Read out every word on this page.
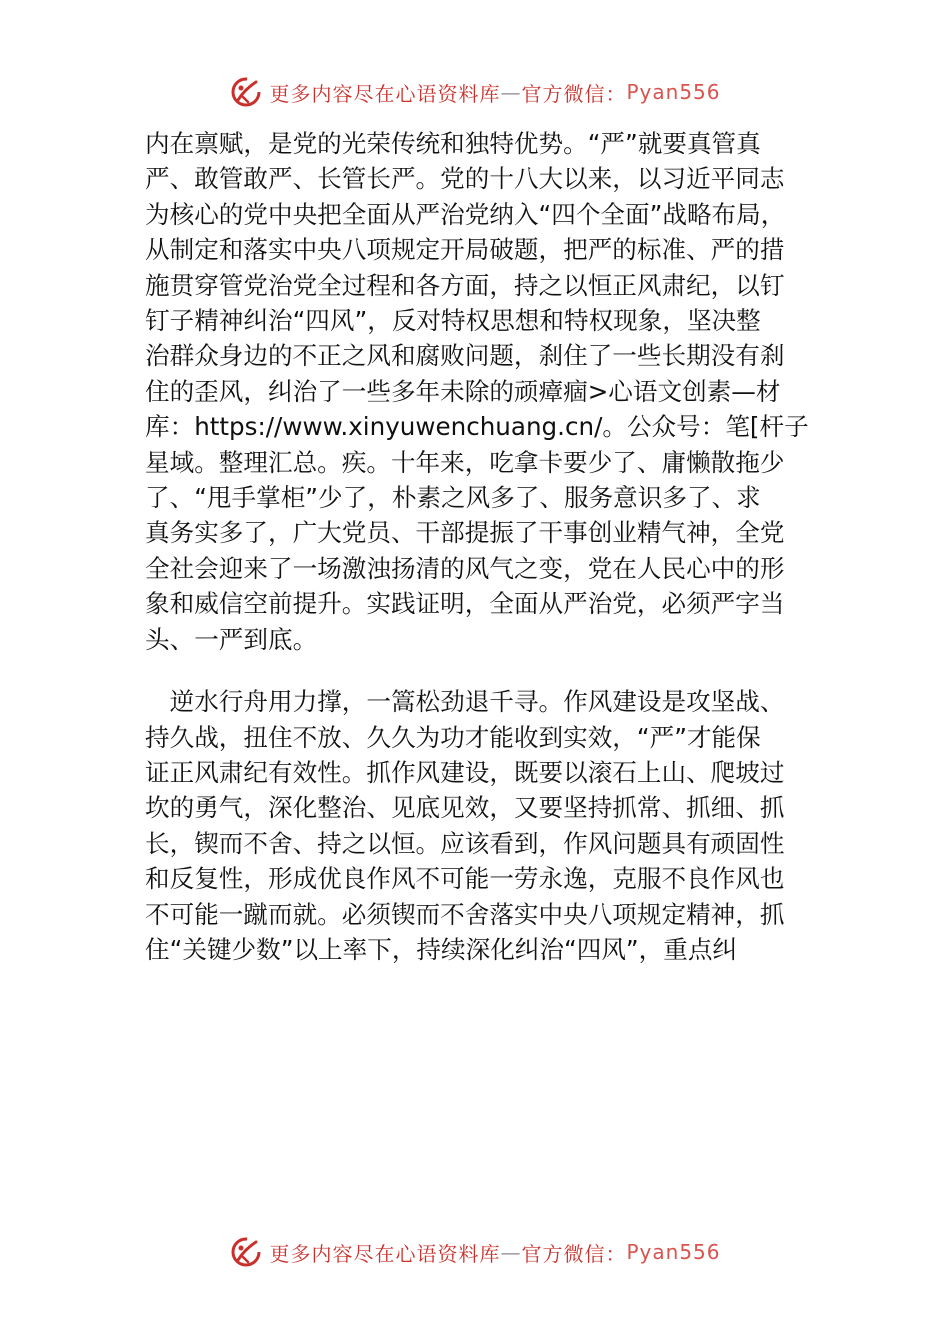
更多内容尽在心语资料库 — 官方微信： Pyan556

内在禀赋，是党的光荣传统和独特优势。“严”就要真管真
严、敢管敢严、长管长严。党的十八大以来，以习近平同志
为核心的党中央把全面从严治党纳入“四个全面”战略布局，
从制定和落实中央八项规定开局破题，把严的标准、严的措
施贯穿管党治党全过程和各方面，持之以恒正风肃纪，以钉
钉子精神纠治“四风”，反对特权思想和特权现象，坚决整
治群众身边的不正之风和腐败问题，刹住了一些长期没有刹
住的歪风，纠治了一些多年未除的顽瘴痼>心语文创素—材
库：https://www.xinyuwenchuang.cn/。公众号：笔[杆子
星域。整理汇总。疾。十年来，吃拿卡要少了、庸懒散拖少
了、“甩手掌柜”少了，朴素之风多了、服务意识多了、求
真务实多了，广大党员、干部提振了干事创业精气神，全党
全社会迎来了一场激浊扬清的风气之变，党在人民心中的形
象和威信空前提升。实践证明，全面从严治党，必须严字当
头、一严到底。

　逆水行舟用力撑，一篙松劲退千寻。作风建设是攻坚战、
持久战，扭住不放、久久为功才能收到实效，“严”才能保
证正风肃纪有效性。抓作风建设，既要以滚石上山、爬坡过
坎的勇气，深化整治、见底见效，又要坚持抓常、抓细、抓
长，锲而不舍、持之以恒。应该看到，作风问题具有顽固性
和反复性，形成优良作风不可能一劳永逸，克服不良作风也
不可能一蹴而就。必须锲而不舍落实中央八项规定精神，抓
住“关键少数”以上率下，持续深化纠治“四风”，重点纠

更多内容尽在心语资料库 — 官方微信： Pyan556
